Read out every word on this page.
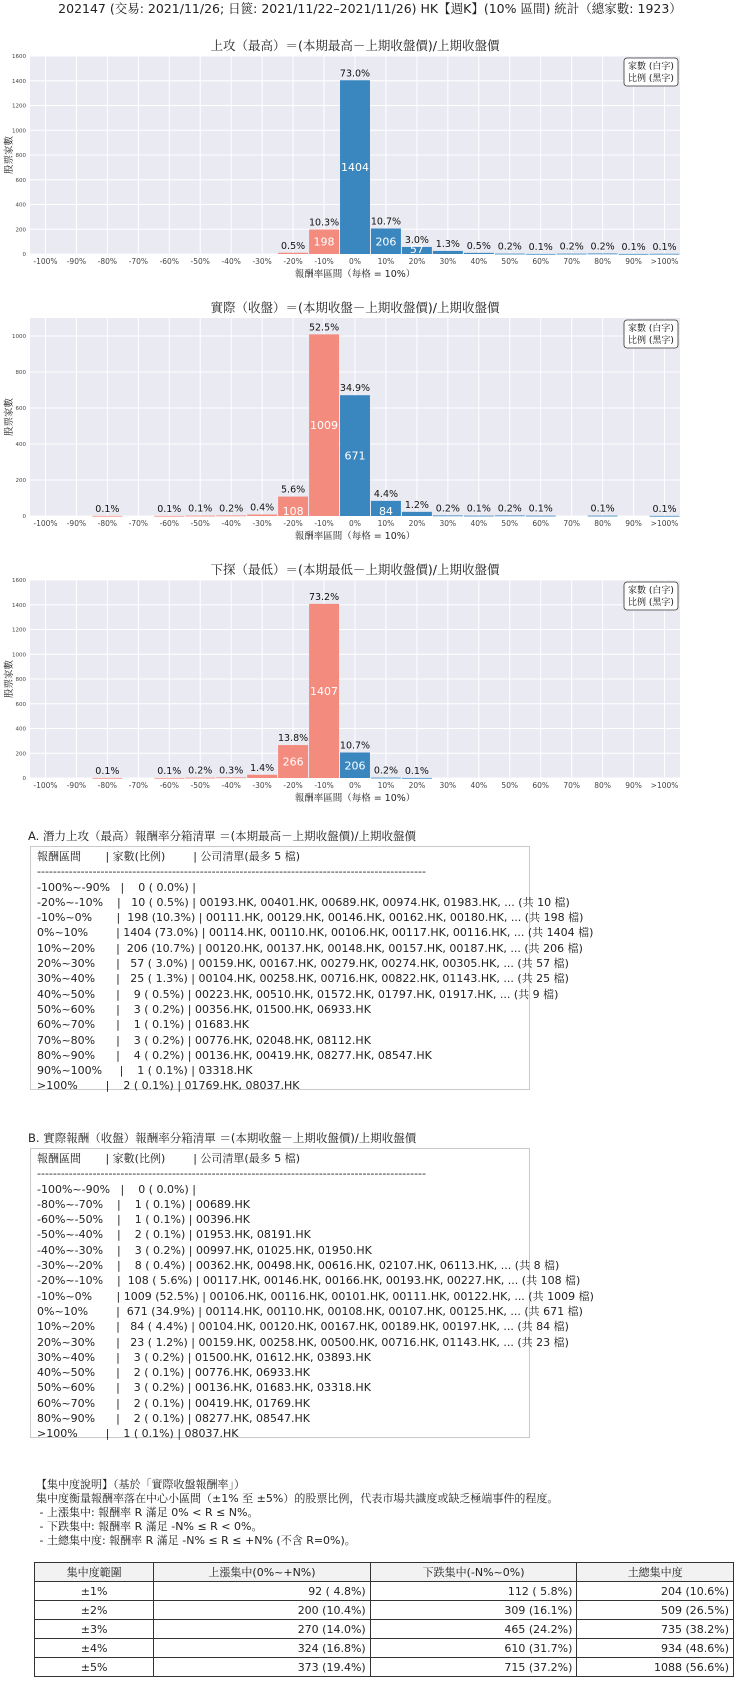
202147 (交易: 2021/11/26; 日篋: 2021/11/22–2021/11/26) HK【週K】(10% 區間) 統計（總家數: 1923）
上攻（最高）＝(本期最高－上期收盤價)/上期收盤價
0
200
400
600
800
1000
1200
1400
1600
-100% -90% -80% -70% -60% -50% -40% -30%
0.5%
-20%
198
10.3%
-10%
1404
73.0%
0%
206
10.7%
10%
57
3.0%
20%
1.3%
30%
0.5%
40%
0.2%
50%
0.1%
60%
0.2%
70%
0.2%
80%
0.1%
90%
0.1%
>100%
報酬率區間（每格 = 10%）
股票家數
家數 (白字)
比例 (黑字)
實際（收盤）＝(本期收盤－上期收盤價)/上期收盤價
0
200
400
600
800
1000
-100% -90%
0.1%
-80% -70%
0.1%
-60%
0.1%
-50%
0.2%
-40%
0.4%
-30%
108
5.6%
-20%
1009
52.5%
-10%
671
34.9%
0%
84
4.4%
10%
1.2%
20%
0.2%
30%
0.1%
40%
0.2%
50%
0.1%
60% 70%
0.1%
80% 90%
0.1%
>100%
報酬率區間（每格 = 10%）
股票家數
家數 (白字)
比例 (黑字)
下探（最低）＝(本期最低－上期收盤價)/上期收盤價
0
200
400
600
800
1000
1200
1400
1600
-100% -90%
0.1%
-80% -70%
0.1%
-60%
0.2%
-50%
0.3%
-40%
1.4%
-30%
266
13.8%
-20%
1407
73.2%
-10%
206
10.7%
0%
0.2%
10%
0.1%
20% 30% 40% 50% 60% 70% 80% 90% >100%
報酬率區間（每格 = 10%）
股票家數
家數 (白字)
比例 (黑字)
A. 潛力上攻（最高）報酬率分箱清單 ＝(本期最高－上期收盤價)/上期收盤價
報酬區間       | 家數(比例)        | 公司清單(最多 5 檔)
--------------------------------------------------------------------------------------------------
-100%~-90%   |    0 ( 0.0%) |
-20%~-10%    |   10 ( 0.5%) | 00193.HK, 00401.HK, 00689.HK, 00974.HK, 01983.HK, ... (共 10 檔)
-10%~0%       |  198 (10.3%) | 00111.HK, 00129.HK, 00146.HK, 00162.HK, 00180.HK, ... (共 198 檔)
0%~10%        | 1404 (73.0%) | 00114.HK, 00110.HK, 00106.HK, 00117.HK, 00116.HK, ... (共 1404 檔)
10%~20%      |  206 (10.7%) | 00120.HK, 00137.HK, 00148.HK, 00157.HK, 00187.HK, ... (共 206 檔)
20%~30%      |   57 ( 3.0%) | 00159.HK, 00167.HK, 00279.HK, 00274.HK, 00305.HK, ... (共 57 檔)
30%~40%      |   25 ( 1.3%) | 00104.HK, 00258.HK, 00716.HK, 00822.HK, 01143.HK, ... (共 25 檔)
40%~50%      |    9 ( 0.5%) | 00223.HK, 00510.HK, 01572.HK, 01797.HK, 01917.HK, ... (共 9 檔)
50%~60%      |    3 ( 0.2%) | 00356.HK, 01500.HK, 06933.HK
60%~70%      |    1 ( 0.1%) | 01683.HK
70%~80%      |    3 ( 0.2%) | 00776.HK, 02048.HK, 08112.HK
80%~90%      |    4 ( 0.2%) | 00136.HK, 00419.HK, 08277.HK, 08547.HK
90%~100%     |    1 ( 0.1%) | 03318.HK
>100%        |    2 ( 0.1%) | 01769.HK, 08037.HK
B. 實際報酬（收盤）報酬率分箱清單 ＝(本期收盤－上期收盤價)/上期收盤價
報酬區間       | 家數(比例)        | 公司清單(最多 5 檔)
--------------------------------------------------------------------------------------------------
-100%~-90%   |    0 ( 0.0%) |
-80%~-70%    |    1 ( 0.1%) | 00689.HK
-60%~-50%    |    1 ( 0.1%) | 00396.HK
-50%~-40%    |    2 ( 0.1%) | 01953.HK, 08191.HK
-40%~-30%    |    3 ( 0.2%) | 00997.HK, 01025.HK, 01950.HK
-30%~-20%    |    8 ( 0.4%) | 00362.HK, 00498.HK, 00616.HK, 02107.HK, 06113.HK, ... (共 8 檔)
-20%~-10%    |  108 ( 5.6%) | 00117.HK, 00146.HK, 00166.HK, 00193.HK, 00227.HK, ... (共 108 檔)
-10%~0%       | 1009 (52.5%) | 00106.HK, 00116.HK, 00101.HK, 00111.HK, 00122.HK, ... (共 1009 檔)
0%~10%        |  671 (34.9%) | 00114.HK, 00110.HK, 00108.HK, 00107.HK, 00125.HK, ... (共 671 檔)
10%~20%      |   84 ( 4.4%) | 00104.HK, 00120.HK, 00167.HK, 00189.HK, 00197.HK, ... (共 84 檔)
20%~30%      |   23 ( 1.2%) | 00159.HK, 00258.HK, 00500.HK, 00716.HK, 01143.HK, ... (共 23 檔)
30%~40%      |    3 ( 0.2%) | 01500.HK, 01612.HK, 03893.HK
40%~50%      |    2 ( 0.1%) | 00776.HK, 06933.HK
50%~60%      |    3 ( 0.2%) | 00136.HK, 01683.HK, 03318.HK
60%~70%      |    2 ( 0.1%) | 00419.HK, 01769.HK
80%~90%      |    2 ( 0.1%) | 08277.HK, 08547.HK
>100%        |    1 ( 0.1%) | 08037.HK
【集中度說明】（基於「實際收盤報酬率」）
集中度衡量報酬率落在中心小區間（±1% 至 ±5%）的股票比例，代表市場共識度或缺乏極端事件的程度。
- 上漲集中: 報酬率 R 滿足 0% < R ≤ N%。
- 下跌集中: 報酬率 R 滿足 -N% ≤ R < 0%。
- 土總集中度: 報酬率 R 滿足 -N% ≤ R ≤ +N% (不含 R=0%)。
集中度範圍	上漲集中(0%~+N%)	下跌集中(-N%~0%)	土總集中度
±1%	92 ( 4.8%)	112 ( 5.8%)	204 (10.6%)
±2%	200 (10.4%)	309 (16.1%)	509 (26.5%)
±3%	270 (14.0%)	465 (24.2%)	735 (38.2%)
±4%	324 (16.8%)	610 (31.7%)	934 (48.6%)
±5%	373 (19.4%)	715 (37.2%)	1088 (56.6%)
